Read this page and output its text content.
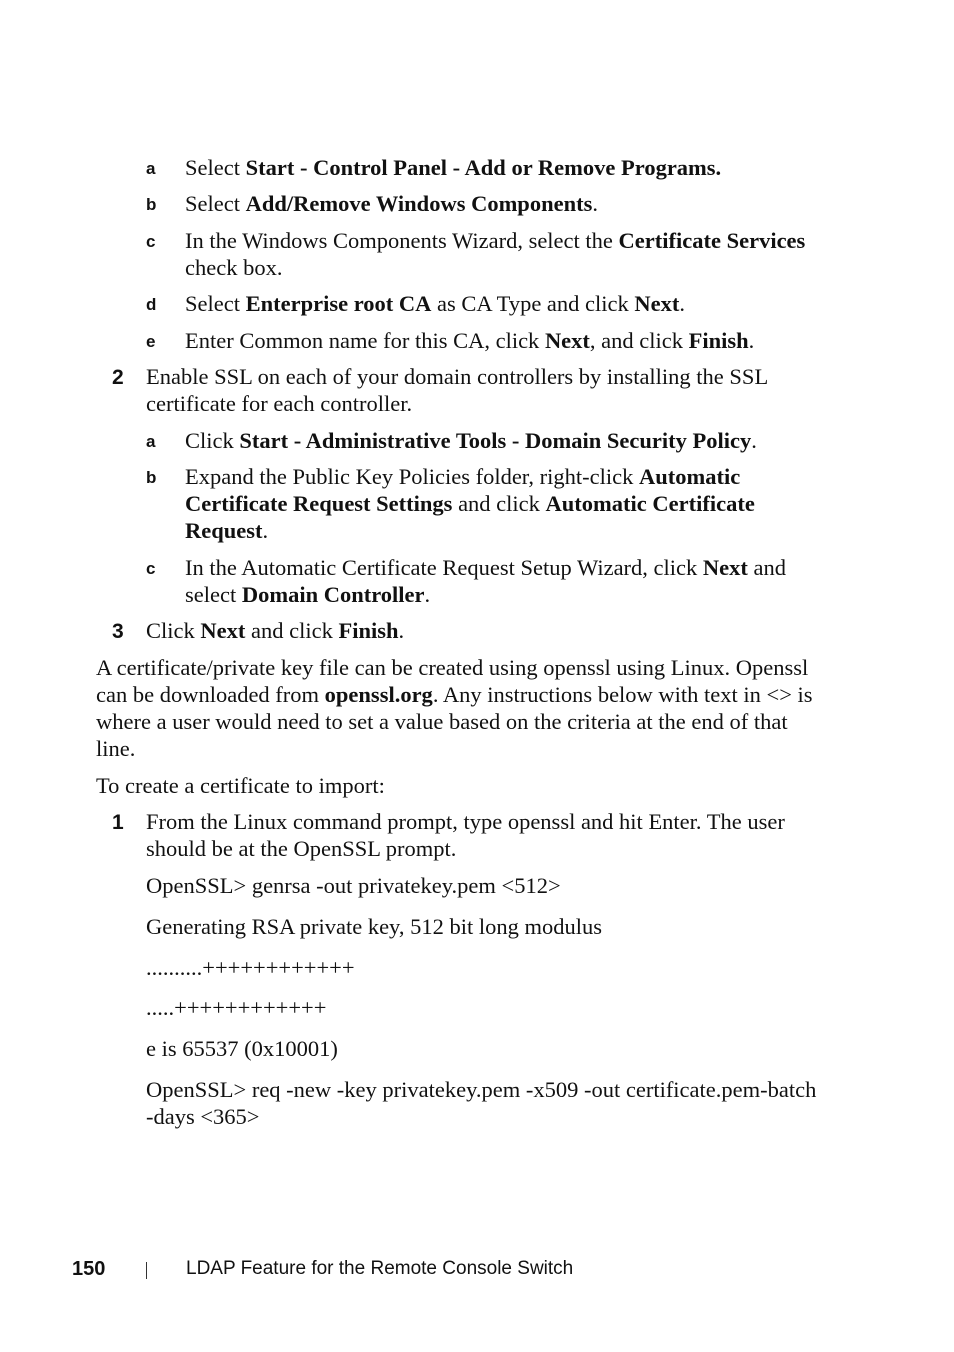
a Select Start - Control Panel - Add or Remove Programs.

b Select Add/Remove Windows Components.

c In the Windows Components Wizard, select the Certificate Services check box.

d Select Enterprise root CA as CA Type and click Next.

e Enter Common name for this CA, click Next, and click Finish.

2 Enable SSL on each of your domain controllers by installing the SSL certificate for each controller.

a Click Start - Administrative Tools - Domain Security Policy.

b Expand the Public Key Policies folder, right-click Automatic Certificate Request Settings and click Automatic Certificate Request.

c In the Automatic Certificate Request Setup Wizard, click Next and select Domain Controller.

3 Click Next and click Finish.

A certificate/private key file can be created using openssl using Linux. Openssl can be downloaded from openssl.org. Any instructions below with text in <> is where a user would need to set a value based on the criteria at the end of that line.

To create a certificate to import:

1 From the Linux command prompt, type openssl and hit Enter. The user should be at the OpenSSL prompt.

OpenSSL> genrsa -out privatekey.pem <512>

Generating RSA private key, 512 bit long modulus

..........++++++++++++

.....++++++++++++

e is 65537 (0x10001)

OpenSSL> req -new -key privatekey.pem -x509 -out certificate.pem-batch -days <365>

150	LDAP Feature for the Remote Console Switch
